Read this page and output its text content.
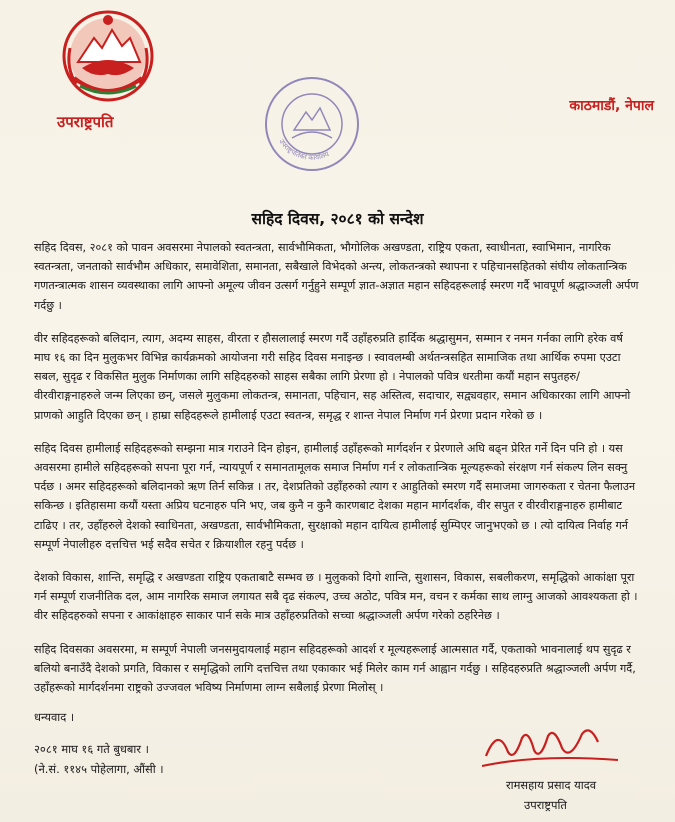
उपराष्ट्रपति
उपराष्ट्रपतिको कार्यालय
काठमाडौं, नेपाल
सहिद दिवस, २०८१ को सन्देश

सहिद दिवस, २०८१ को पावन अवसरमा नेपालको स्वतन्त्रता, सार्वभौमिकता, भौगोलिक अखण्डता, राष्ट्रिय एकता, स्वाधीनता, स्वाभिमान, नागरिक स्वतन्त्रता, जनताको सार्वभौम अधिकार, समावेशिता, समानता, सबैखाले विभेदको अन्त्य, लोकतन्त्रको स्थापना र पहिचानसहितको संघीय लोकतान्त्रिक गणतन्त्रात्मक शासन व्यवस्थाका लागि आफ्नो अमूल्य जीवन उत्सर्ग गर्नुहुने सम्पूर्ण ज्ञात-अज्ञात महान सहिदहरूलाई स्मरण गर्दै भावपूर्ण श्रद्धाञ्जली अर्पण गर्दछु ।

वीर सहिदहरूको बलिदान, त्याग, अदम्य साहस, वीरता र हौसलालाई स्मरण गर्दै उहाँहरुप्रति हार्दिक श्रद्धासुमन, सम्मान र नमन गर्नका लागि हरेक वर्ष माघ १६ का दिन मुलुकभर विभिन्न कार्यक्रमको आयोजना गरी सहिद दिवस मनाइन्छ । स्वावलम्बी अर्थतन्त्रसहित सामाजिक तथा आर्थिक रुपमा एउटा सबल, सुदृढ र विकसित मुलुक निर्माणका लागि सहिदहरुको साहस सबैका लागि प्रेरणा हो । नेपालको पवित्र धरतीमा कयौं महान सपुतहरु/वीरवीराङ्गनाहरुले जन्म लिएका छन्, जसले मुलुकमा लोकतन्त्र, समानता, पहिचान, सह अस्तित्व, सदाचार, सद्व्यवहार, समान अधिकारका लागि आफ्नो प्राणको आहुति दिएका छन् । हाम्रा सहिदहरूले हामीलाई एउटा स्वतन्त्र, समृद्ध र शान्त नेपाल निर्माण गर्न प्रेरणा प्रदान गरेको छ ।

सहिद दिवस हामीलाई सहिदहरूको सम्झना मात्र गराउने दिन होइन, हामीलाई उहाँहरूको मार्गदर्शन र प्रेरणाले अघि बढ्न प्रेरित गर्ने दिन पनि हो । यस अवसरमा हामीले सहिदहरूको सपना पूरा गर्न, न्यायपूर्ण र समानतामूलक समाज निर्माण गर्न र लोकतान्त्रिक मूल्यहरूको संरक्षण गर्न संकल्प लिन सक्नु पर्दछ । अमर सहिदहरूको बलिदानको ऋण तिर्न सकिन्न । तर, देशप्रतिको उहाँहरुको त्याग र आहुतिको स्मरण गर्दै समाजमा जागरुकता र चेतना फैलाउन सकिन्छ । इतिहासमा कयौं यस्ता अप्रिय घटनाहरु पनि भए, जब कुनै न कुनै कारणबाट देशका महान मार्गदर्शक, वीर सपुत र वीरवीराङ्गनाहरु हामीबाट टाढिए । तर, उहाँहरुले देशको स्वाधिनता, अखण्डता, सार्वभौमिकता, सुरक्षाको महान दायित्व हामीलाई सुम्पिएर जानुभएको छ । त्यो दायित्व निर्वाह गर्न सम्पूर्ण नेपालीहरु दत्तचित्त भई सदैव सचेत र क्रियाशील रहनु पर्दछ ।

देशको विकास, शान्ति, समृद्धि र अखण्डता राष्ट्रिय एकताबाटै सम्भव छ । मुलुकको दिगो शान्ति, सुशासन, विकास, सबलीकरण, समृद्धिको आकांक्षा पूरा गर्न सम्पूर्ण राजनीतिक दल, आम नागरिक समाज लगायत सबै दृढ संकल्प, उच्च अठोट, पवित्र मन, वचन र कर्मका साथ लाग्नु आजको आवश्यकता हो । वीर सहिदहरुको सपना र आकांक्षाहरु साकार पार्न सके मात्र उहाँहरुप्रतिको सच्चा श्रद्धाञ्जली अर्पण गरेको ठहरिनेछ ।

सहिद दिवसका अवसरमा, म सम्पूर्ण नेपाली जनसमुदायलाई महान सहिदहरूको आदर्श र मूल्यहरूलाई आत्मसात गर्दै, एकताको भावनालाई थप सुदृढ र बलियो बनाउँदै देशको प्रगति, विकास र समृद्धिको लागि दत्तचित्त तथा एकाकार भई मिलेर काम गर्न आह्वान गर्दछु । सहिदहरुप्रति श्रद्धाञ्जली अर्पण गर्दै, उहाँहरूको मार्गदर्शनमा राष्ट्रको उज्जवल भविष्य निर्माणमा लाग्न सबैलाई प्रेरणा मिलोस् ।

धन्यवाद ।
२०८१ माघ १६ गते बुधबार ।
(ने.सं. ११४५ पोहेलागा, औंसी ।
रामसहाय प्रसाद यादव
उपराष्ट्रपति
